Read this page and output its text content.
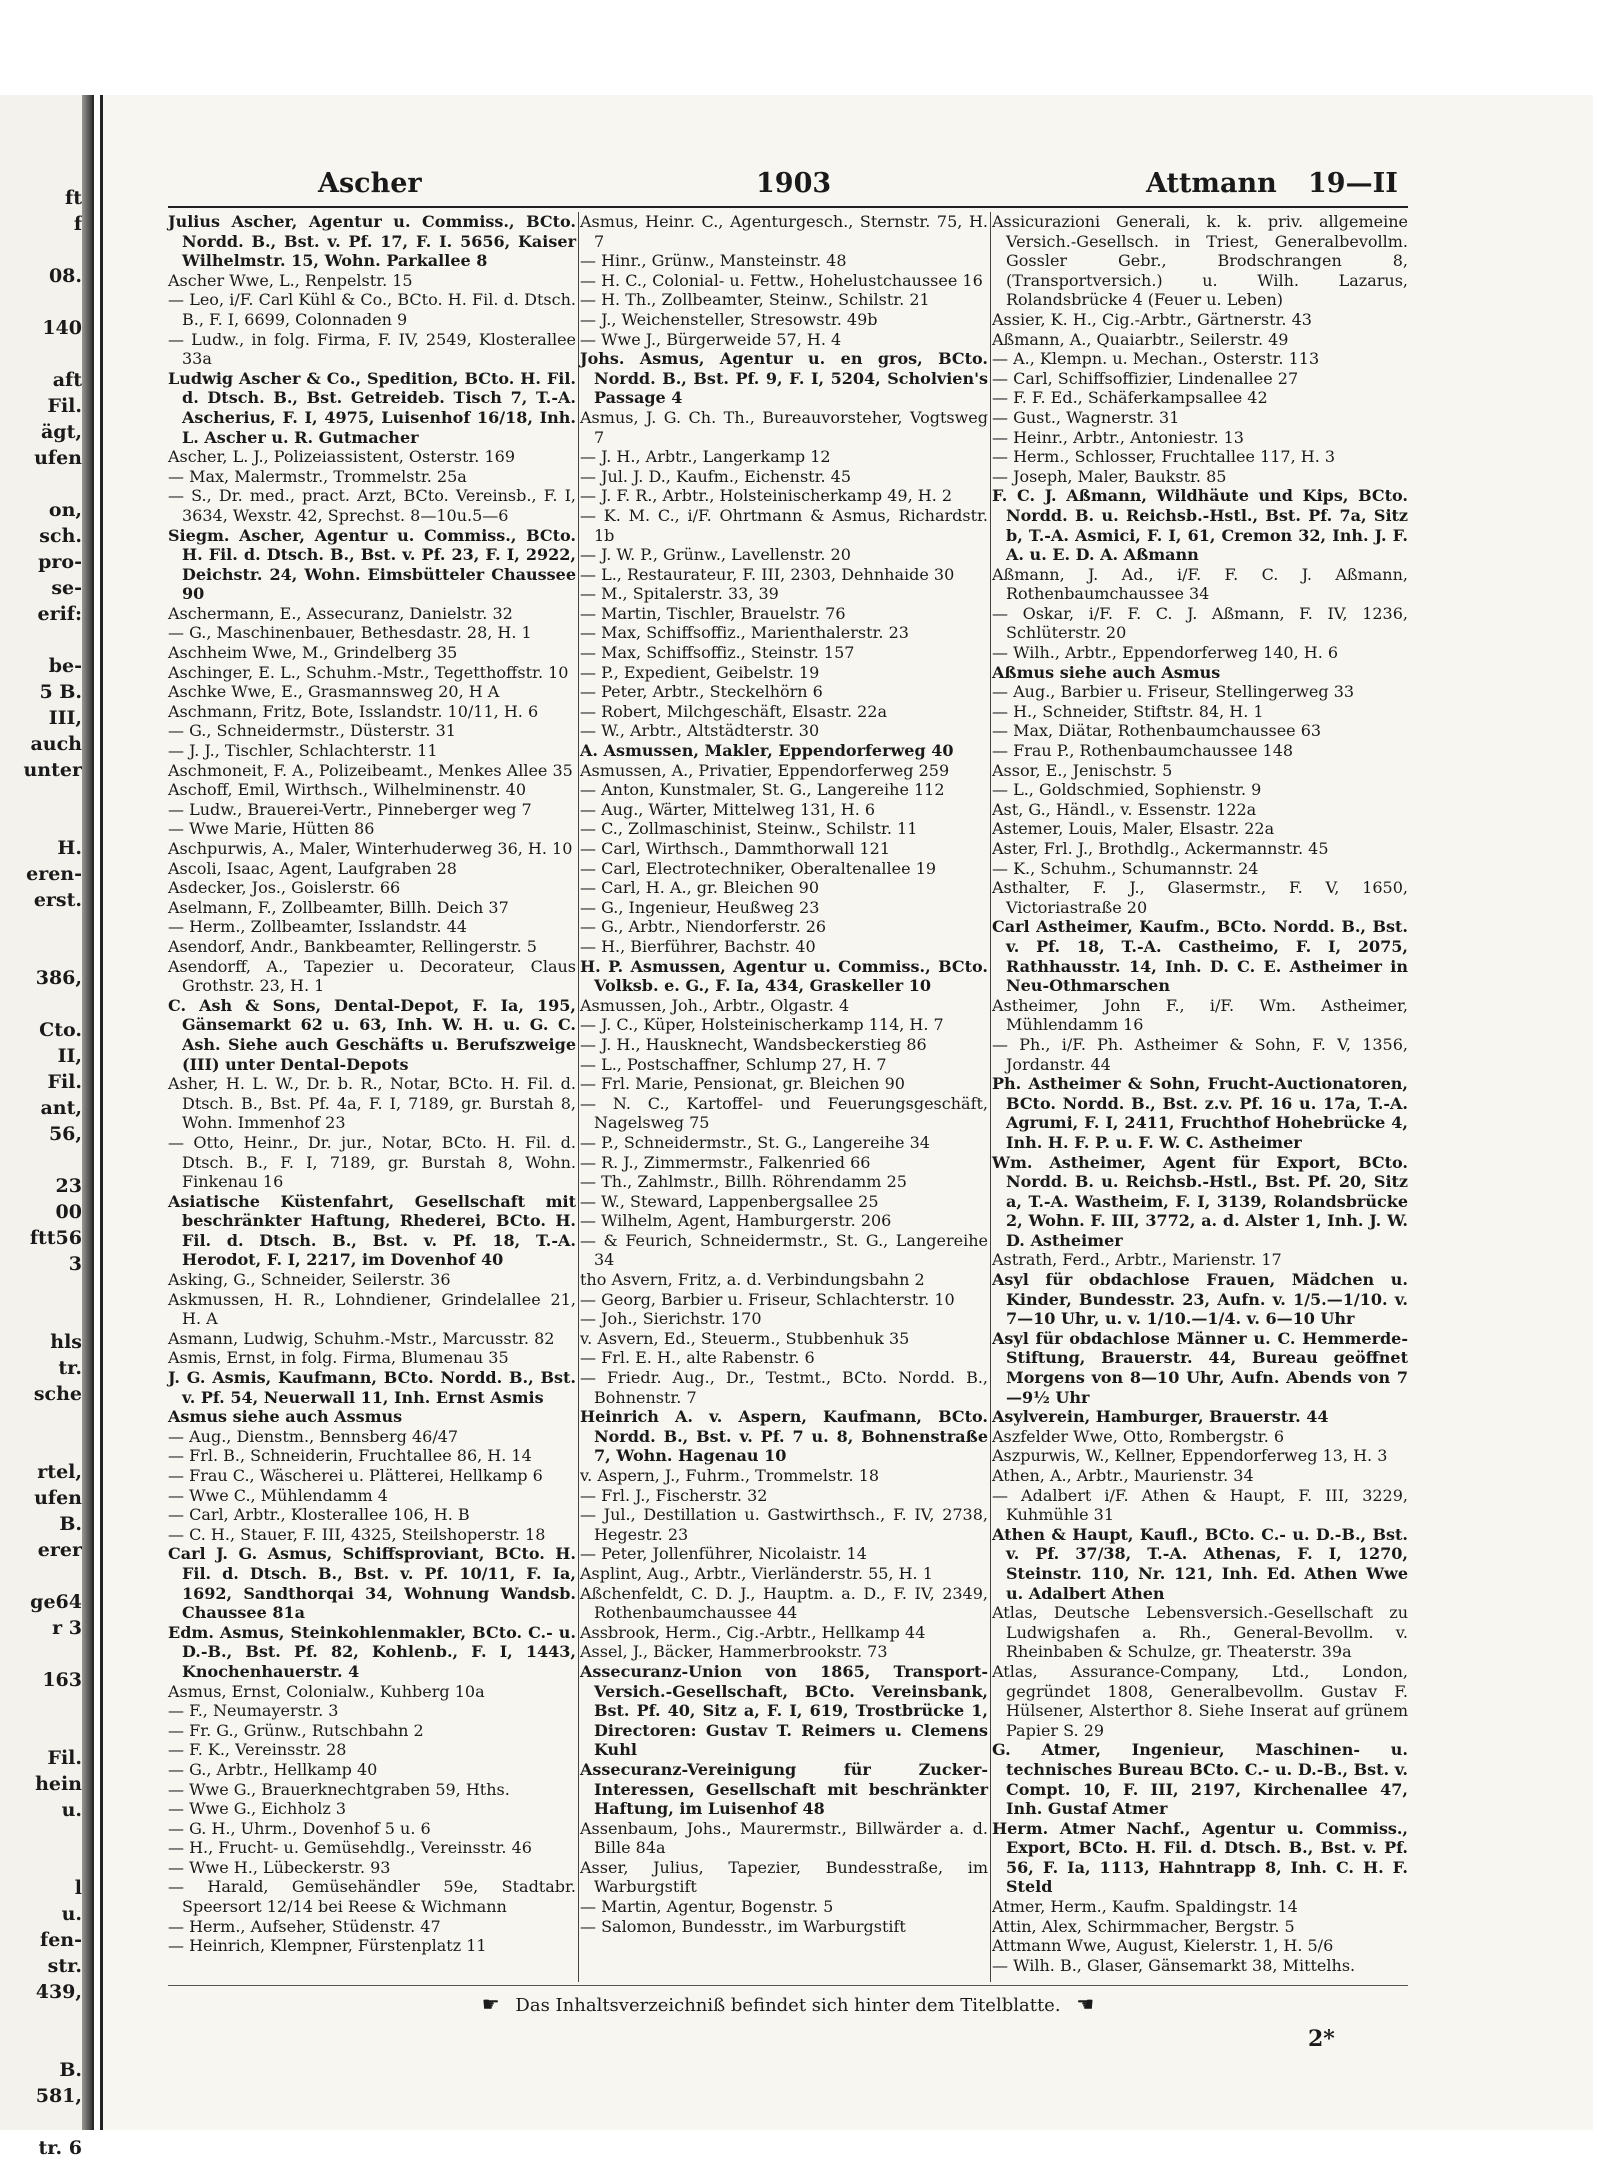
ft
f
08.
140
aft
Fil.
ägt,
ufen
on,
sch.
pro-
se-
erif:
be-
5 B.
III,
auch
unter
H.
eren-
erst.
386,
Cto.
II,
Fil.
ant,
56,
23
00
ftt56
3
hls
tr.
sche
rtel,
ufen
B.
erer
ge64
r 3
163
Fil.
hein
u.
l
u.
fen-
str.
439,
B.
581,
tr. 6
Ascher	1903	Attmann 19—II
Julius Ascher, Agentur u. Commiss., BCto. Nordd. B., Bst. v. Pf. 17, F. I. 5656, Kaiser Wilhelmstr. 15, Wohn. Parkallee 8
Ascher Wwe, L., Renpelstr. 15
— Leo, i/F. Carl Kühl & Co., BCto. H. Fil. d. Dtsch. B., F. I, 6699, Colonnaden 9
— Ludw., in folg. Firma, F. IV, 2549, Klosterallee 33a
Ludwig Ascher & Co., Spedition, BCto. H. Fil. d. Dtsch. B., Bst. Getreideb. Tisch 7, T.-A. Ascherius, F. I, 4975, Luisenhof 16/18, Inh. L. Ascher u. R. Gutmacher
Ascher, L. J., Polizeiassistent, Osterstr. 169
— Max, Malermstr., Trommelstr. 25a
— S., Dr. med., pract. Arzt, BCto. Vereinsb., F. I, 3634, Wexstr. 42, Sprechst. 8—10u.5—6
Siegm. Ascher, Agentur u. Commiss., BCto. H. Fil. d. Dtsch. B., Bst. v. Pf. 23, F. I, 2922, Deichstr. 24, Wohn. Eimsbütteler Chaussee 90
Aschermann, E., Assecuranz, Danielstr. 32
— G., Maschinenbauer, Bethesdastr. 28, H. 1
Aschheim Wwe, M., Grindelberg 35
Aschinger, E. L., Schuhm.-Mstr., Tegetthoffstr. 10
Aschke Wwe, E., Grasmannsweg 20, H A
Aschmann, Fritz, Bote, Isslandstr. 10/11, H. 6
— G., Schneidermstr., Düsterstr. 31
— J. J., Tischler, Schlachterstr. 11
Aschmoneit, F. A., Polizeibeamt., Menkes Allee 35
Aschoff, Emil, Wirthsch., Wilhelminenstr. 40
— Ludw., Brauerei-Vertr., Pinneberger weg 7
— Wwe Marie, Hütten 86
Aschpurwis, A., Maler, Winterhuderweg 36, H. 10
Ascoli, Isaac, Agent, Laufgraben 28
Asdecker, Jos., Goislerstr. 66
Aselmann, F., Zollbeamter, Billh. Deich 37
— Herm., Zollbeamter, Isslandstr. 44
Asendorf, Andr., Bankbeamter, Rellingerstr. 5
Asendorff, A., Tapezier u. Decorateur, Claus Grothstr. 23, H. 1
C. Ash & Sons, Dental-Depot, F. Ia, 195, Gänsemarkt 62 u. 63, Inh. W. H. u. G. C. Ash. Siehe auch Geschäfts u. Berufszweige (III) unter Dental-Depots
Asher, H. L. W., Dr. b. R., Notar, BCto. H. Fil. d. Dtsch. B., Bst. Pf. 4a, F. I, 7189, gr. Burstah 8, Wohn. Immenhof 23
— Otto, Heinr., Dr. jur., Notar, BCto. H. Fil. d. Dtsch. B., F. I, 7189, gr. Burstah 8, Wohn. Finkenau 16
Asiatische Küstenfahrt, Gesellschaft mit beschränkter Haftung, Rhederei, BCto. H. Fil. d. Dtsch. B., Bst. v. Pf. 18, T.-A. Herodot, F. I, 2217, im Dovenhof 40
Asking, G., Schneider, Seilerstr. 36
Askmussen, H. R., Lohndiener, Grindelallee 21, H. A
Asmann, Ludwig, Schuhm.-Mstr., Marcusstr. 82
Asmis, Ernst, in folg. Firma, Blumenau 35
J. G. Asmis, Kaufmann, BCto. Nordd. B., Bst. v. Pf. 54, Neuerwall 11, Inh. Ernst Asmis
Asmus siehe auch Assmus
— Aug., Dienstm., Bennsberg 46/47
— Frl. B., Schneiderin, Fruchtallee 86, H. 14
— Frau C., Wäscherei u. Plätterei, Hellkamp 6
— Wwe C., Mühlendamm 4
— Carl, Arbtr., Klosterallee 106, H. B
— C. H., Stauer, F. III, 4325, Steilshoperstr. 18
Carl J. G. Asmus, Schiffsproviant, BCto. H. Fil. d. Dtsch. B., Bst. v. Pf. 10/11, F. Ia, 1692, Sandthorqai 34, Wohnung Wandsb. Chaussee 81a
Edm. Asmus, Steinkohlenmakler, BCto. C.- u. D.-B., Bst. Pf. 82, Kohlenb., F. I, 1443, Knochenhauerstr. 4
Asmus, Ernst, Colonialw., Kuhberg 10a
— F., Neumayerstr. 3
— Fr. G., Grünw., Rutschbahn 2
— F. K., Vereinsstr. 28
— G., Arbtr., Hellkamp 40
— Wwe G., Brauerknechtgraben 59, Hths.
— Wwe G., Eichholz 3
— G. H., Uhrm., Dovenhof 5 u. 6
— H., Frucht- u. Gemüsehdlg., Vereinsstr. 46
— Wwe H., Lübeckerstr. 93
— Harald, Gemüsehändler 59e, Stadtabr. Speersort 12/14 bei Reese & Wichmann
— Herm., Aufseher, Stüdenstr. 47
— Heinrich, Klempner, Fürstenplatz 11
Asmus, Heinr. C., Agenturgesch., Sternstr. 75, H. 7
— Hinr., Grünw., Mansteinstr. 48
— H. C., Colonial- u. Fettw., Hohelustchaussee 16
— H. Th., Zollbeamter, Steinw., Schilstr. 21
— J., Weichensteller, Stresowstr. 49b
— Wwe J., Bürgerweide 57, H. 4
Johs. Asmus, Agentur u. en gros, BCto. Nordd. B., Bst. Pf. 9, F. I, 5204, Scholvien's Passage 4
Asmus, J. G. Ch. Th., Bureauvorsteher, Vogtsweg 7
— J. H., Arbtr., Langerkamp 12
— Jul. J. D., Kaufm., Eichenstr. 45
— J. F. R., Arbtr., Holsteinischerkamp 49, H. 2
— K. M. C., i/F. Ohrtmann & Asmus, Richardstr. 1b
— J. W. P., Grünw., Lavellenstr. 20
— L., Restaurateur, F. III, 2303, Dehnhaide 30
— M., Spitalerstr. 33, 39
— Martin, Tischler, Brauelstr. 76
— Max, Schiffsoffiz., Marienthalerstr. 23
— Max, Schiffsoffiz., Steinstr. 157
— P., Expedient, Geibelstr. 19
— Peter, Arbtr., Steckelhörn 6
— Robert, Milchgeschäft, Elsastr. 22a
— W., Arbtr., Altstädterstr. 30
A. Asmussen, Makler, Eppendorferweg 40
Asmussen, A., Privatier, Eppendorferweg 259
— Anton, Kunstmaler, St. G., Langereihe 112
— Aug., Wärter, Mittelweg 131, H. 6
— C., Zollmaschinist, Steinw., Schilstr. 11
— Carl, Wirthsch., Dammthorwall 121
— Carl, Electrotechniker, Oberaltenallee 19
— Carl, H. A., gr. Bleichen 90
— G., Ingenieur, Heußweg 23
— G., Arbtr., Niendorferstr. 26
— H., Bierführer, Bachstr. 40
H. P. Asmussen, Agentur u. Commiss., BCto. Volksb. e. G., F. Ia, 434, Graskeller 10
Asmussen, Joh., Arbtr., Olgastr. 4
— J. C., Küper, Holsteinischerkamp 114, H. 7
— J. H., Hausknecht, Wandsbeckerstieg 86
— L., Postschaffner, Schlump 27, H. 7
— Frl. Marie, Pensionat, gr. Bleichen 90
— N. C., Kartoffel- und Feuerungsgeschäft, Nagelsweg 75
— P., Schneidermstr., St. G., Langereihe 34
— R. J., Zimmermstr., Falkenried 66
— Th., Zahlmstr., Billh. Röhrendamm 25
— W., Steward, Lappenbergsallee 25
— Wilhelm, Agent, Hamburgerstr. 206
— & Feurich, Schneidermstr., St. G., Langereihe 34
tho Asvern, Fritz, a. d. Verbindungsbahn 2
— Georg, Barbier u. Friseur, Schlachterstr. 10
— Joh., Sierichstr. 170
v. Asvern, Ed., Steuerm., Stubbenhuk 35
— Frl. E. H., alte Rabenstr. 6
— Friedr. Aug., Dr., Testmt., BCto. Nordd. B., Bohnenstr. 7
Heinrich A. v. Aspern, Kaufmann, BCto. Nordd. B., Bst. v. Pf. 7 u. 8, Bohnenstraße 7, Wohn. Hagenau 10
v. Aspern, J., Fuhrm., Trommelstr. 18
— Frl. J., Fischerstr. 32
— Jul., Destillation u. Gastwirthsch., F. IV, 2738, Hegestr. 23
— Peter, Jollenführer, Nicolaistr. 14
Asplint, Aug., Arbtr., Vierländerstr. 55, H. 1
Aßchenfeldt, C. D. J., Hauptm. a. D., F. IV, 2349, Rothenbaumchaussee 44
Assbrook, Herm., Cig.-Arbtr., Hellkamp 44
Assel, J., Bäcker, Hammerbrookstr. 73
Assecuranz-Union von 1865, Transport-Versich.-Gesellschaft, BCto. Vereinsbank, Bst. Pf. 40, Sitz a, F. I, 619, Trostbrücke 1, Directoren: Gustav T. Reimers u. Clemens Kuhl
Assecuranz-Vereinigung für Zucker-Interessen, Gesellschaft mit beschränkter Haftung, im Luisenhof 48
Assenbaum, Johs., Maurermstr., Billwärder a. d. Bille 84a
Asser, Julius, Tapezier, Bundesstraße, im Warburgstift
— Martin, Agentur, Bogenstr. 5
— Salomon, Bundesstr., im Warburgstift
Assicurazioni Generali, k. k. priv. allgemeine Versich.-Gesellsch. in Triest, Generalbevollm. Gossler Gebr., Brodschrangen 8, (Transportversich.) u. Wilh. Lazarus, Rolandsbrücke 4 (Feuer u. Leben)
Assier, K. H., Cig.-Arbtr., Gärtnerstr. 43
Aßmann, A., Quaiarbtr., Seilerstr. 49
— A., Klempn. u. Mechan., Osterstr. 113
— Carl, Schiffsoffizier, Lindenallee 27
— F. F. Ed., Schäferkampsallee 42
— Gust., Wagnerstr. 31
— Heinr., Arbtr., Antoniestr. 13
— Herm., Schlosser, Fruchtallee 117, H. 3
— Joseph, Maler, Baukstr. 85
F. C. J. Aßmann, Wildhäute und Kips, BCto. Nordd. B. u. Reichsb.-Hstl., Bst. Pf. 7a, Sitz b, T.-A. Asmici, F. I, 61, Cremon 32, Inh. J. F. A. u. E. D. A. Aßmann
Aßmann, J. Ad., i/F. F. C. J. Aßmann, Rothenbaumchaussee 34
— Oskar, i/F. F. C. J. Aßmann, F. IV, 1236, Schlüterstr. 20
— Wilh., Arbtr., Eppendorferweg 140, H. 6
Aßmus siehe auch Asmus
— Aug., Barbier u. Friseur, Stellingerweg 33
— H., Schneider, Stiftstr. 84, H. 1
— Max, Diätar, Rothenbaumchaussee 63
— Frau P., Rothenbaumchaussee 148
Assor, E., Jenischstr. 5
— L., Goldschmied, Sophienstr. 9
Ast, G., Händl., v. Essenstr. 122a
Astemer, Louis, Maler, Elsastr. 22a
Aster, Frl. J., Brothdlg., Ackermannstr. 45
— K., Schuhm., Schumannstr. 24
Asthalter, F. J., Glasermstr., F. V, 1650, Victoriastraße 20
Carl Astheimer, Kaufm., BCto. Nordd. B., Bst. v. Pf. 18, T.-A. Castheimo, F. I, 2075, Rathhausstr. 14, Inh. D. C. E. Astheimer in Neu-Othmarschen
Astheimer, John F., i/F. Wm. Astheimer, Mühlendamm 16
— Ph., i/F. Ph. Astheimer & Sohn, F. V, 1356, Jordanstr. 44
Ph. Astheimer & Sohn, Frucht-Auctionatoren, BCto. Nordd. B., Bst. z.v. Pf. 16 u. 17a, T.-A. Agrumi, F. I, 2411, Fruchthof Hohebrücke 4, Inh. H. F. P. u. F. W. C. Astheimer
Wm. Astheimer, Agent für Export, BCto. Nordd. B. u. Reichsb.-Hstl., Bst. Pf. 20, Sitz a, T.-A. Wastheim, F. I, 3139, Rolandsbrücke 2, Wohn. F. III, 3772, a. d. Alster 1, Inh. J. W. D. Astheimer
Astrath, Ferd., Arbtr., Marienstr. 17
Asyl für obdachlose Frauen, Mädchen u. Kinder, Bundesstr. 23, Aufn. v. 1/5.—1/10. v. 7—10 Uhr, u. v. 1/10.—1/4. v. 6—10 Uhr
Asyl für obdachlose Männer u. C. Hemmerde-Stiftung, Brauerstr. 44, Bureau geöffnet Morgens von 8—10 Uhr, Aufn. Abends von 7—9½ Uhr
Asylverein, Hamburger, Brauerstr. 44
Aszfelder Wwe, Otto, Rombergstr. 6
Aszpurwis, W., Kellner, Eppendorferweg 13, H. 3
Athen, A., Arbtr., Maurienstr. 34
— Adalbert i/F. Athen & Haupt, F. III, 3229, Kuhmühle 31
Athen & Haupt, Kaufl., BCto. C.- u. D.-B., Bst. v. Pf. 37/38, T.-A. Athenas, F. I, 1270, Steinstr. 110, Nr. 121, Inh. Ed. Athen Wwe u. Adalbert Athen
Atlas, Deutsche Lebensversich.-Gesellschaft zu Ludwigshafen a. Rh., General-Bevollm. v. Rheinbaben & Schulze, gr. Theaterstr. 39a
Atlas, Assurance-Company, Ltd., London, gegründet 1808, Generalbevollm. Gustav F. Hülsener, Alsterthor 8. Siehe Inserat auf grünem Papier S. 29
G. Atmer, Ingenieur, Maschinen- u. technisches Bureau BCto. C.- u. D.-B., Bst. v. Compt. 10, F. III, 2197, Kirchenallee 47, Inh. Gustaf Atmer
Herm. Atmer Nachf., Agentur u. Commiss., Export, BCto. H. Fil. d. Dtsch. B., Bst. v. Pf. 56, F. Ia, 1113, Hahntrapp 8, Inh. C. H. F. Steld
Atmer, Herm., Kaufm. Spaldingstr. 14
Attin, Alex, Schirmmacher, Bergstr. 5
Attmann Wwe, August, Kielerstr. 1, H. 5/6
— Wilh. B., Glaser, Gänsemarkt 38, Mittelhs.
☛ Das Inhaltsverzeichniß befindet sich hinter dem Titelblatte. ☚
2*
